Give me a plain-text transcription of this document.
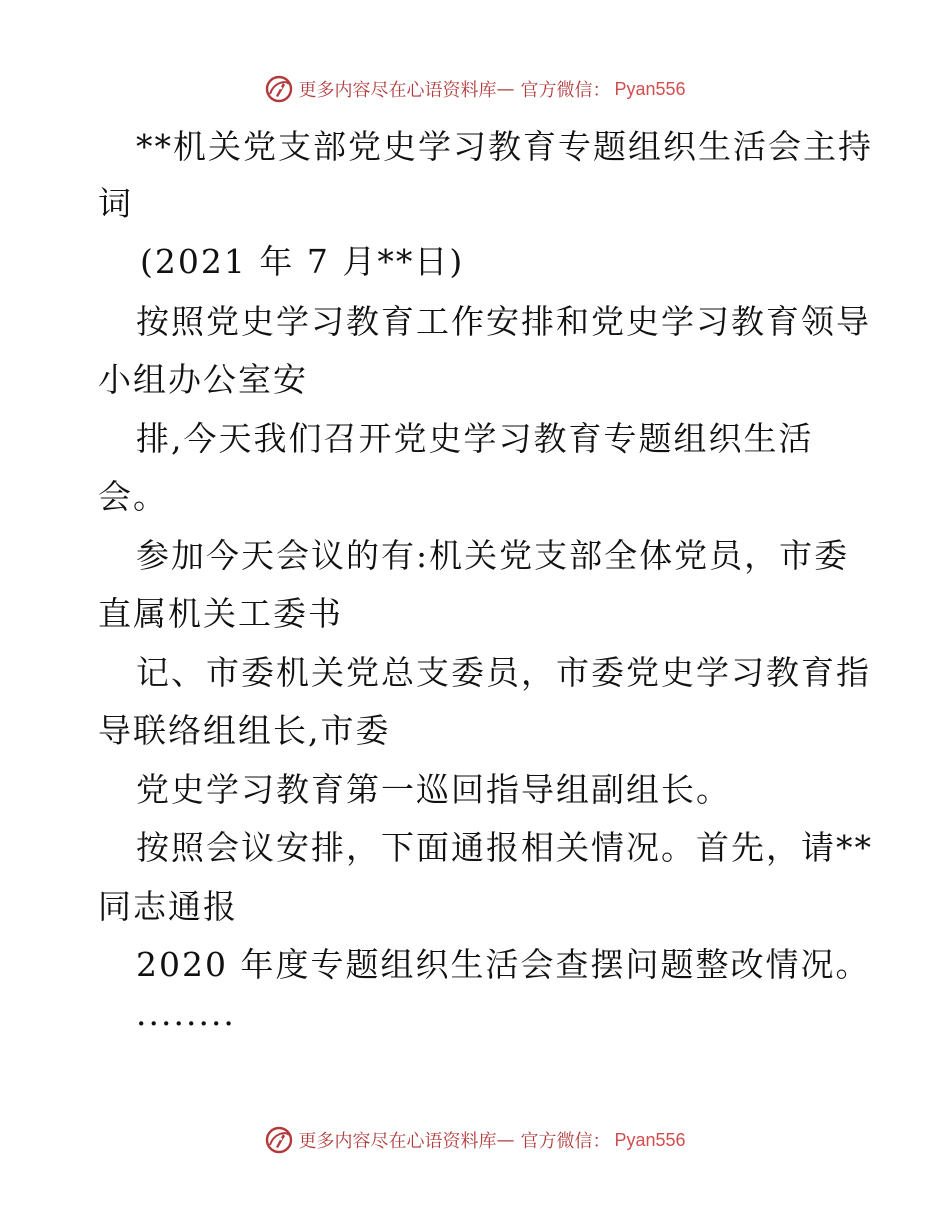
更多内容尽在心语资料库 — 官方微信： Pyan556
**机关党支部党史学习教育专题组织生活会主持
词
(2021 年 7 月**日)
按照党史学习教育工作安排和党史学习教育领导
小组办公室安
排,今天我们召开党史学习教育专题组织生活
会。
参加今天会议的有:机关党支部全体党员，市委
直属机关工委书
记、市委机关党总支委员，市委党史学习教育指
导联络组组长,市委
党史学习教育第一巡回指导组副组长。
按照会议安排，下面通报相关情况。首先，请**
同志通报
2020 年度专题组织生活会查摆问题整改情况。
········
更多内容尽在心语资料库 — 官方微信： Pyan556
